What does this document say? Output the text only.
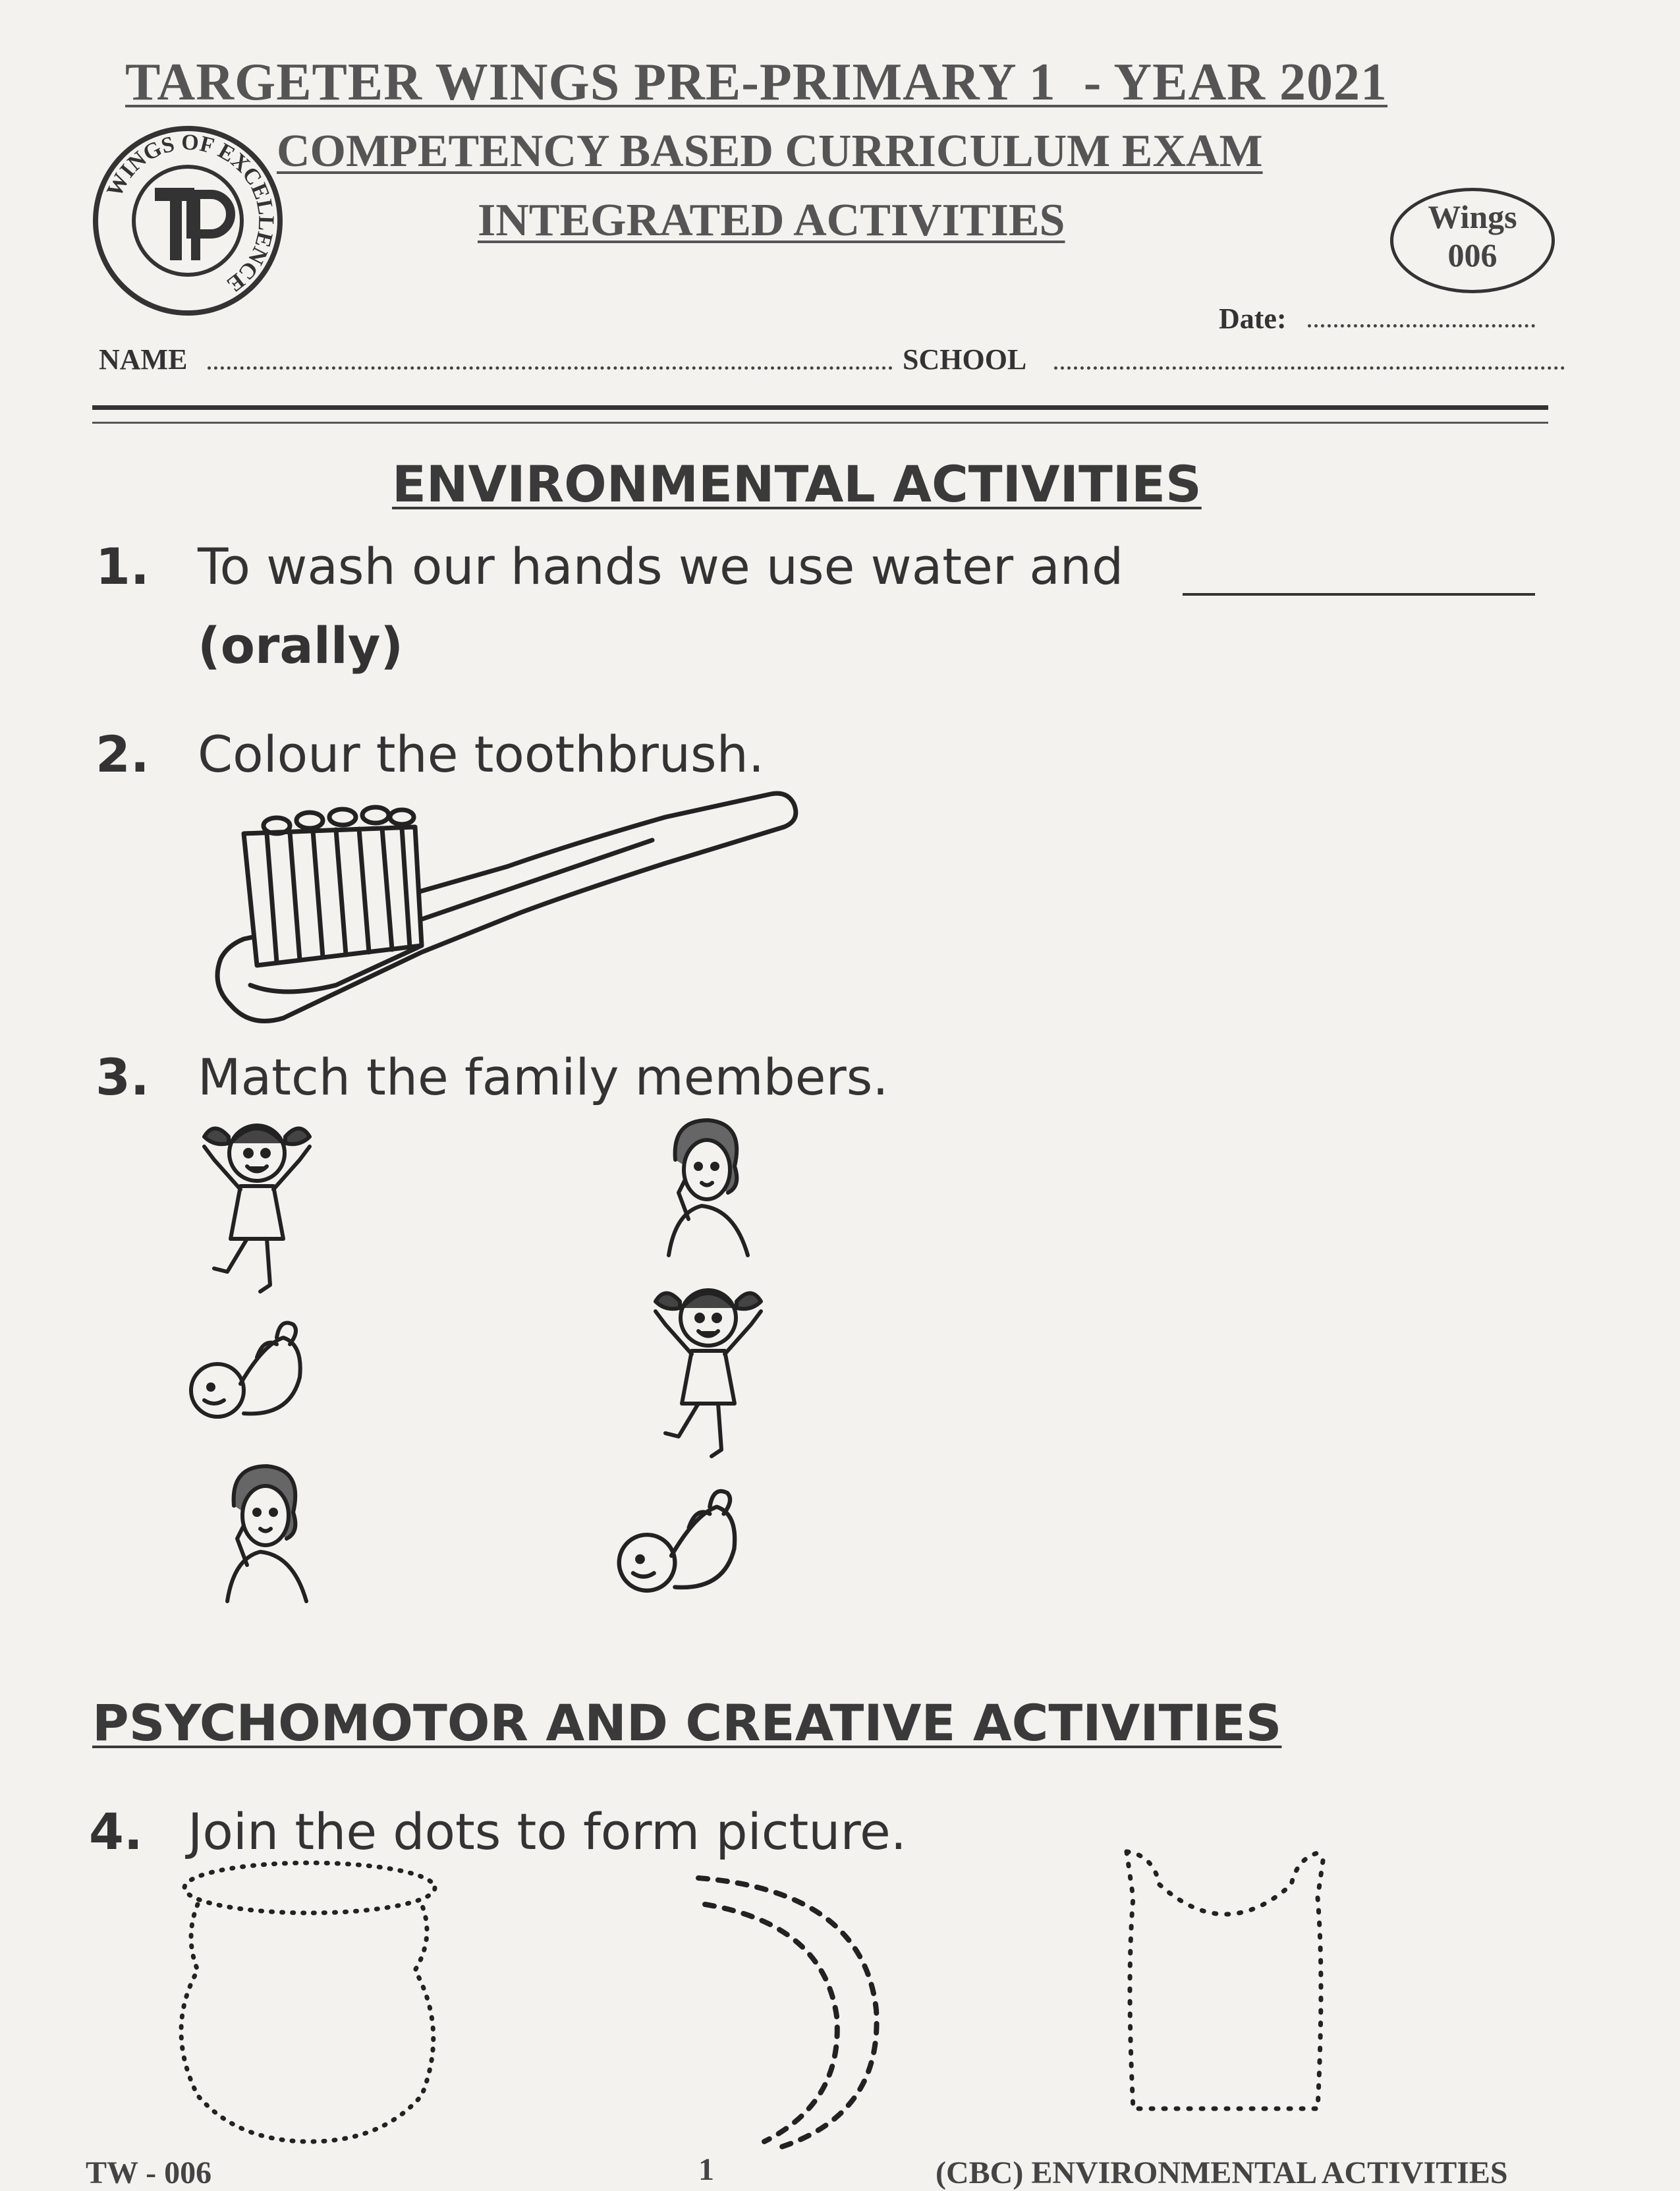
TARGETER WINGS PRE-PRIMARY 1  - YEAR 2021
COMPETENCY BASED CURRICULUM EXAM
INTEGRATED ACTIVITIES
WINGS OF EXCELLENCE
Wings
006
Date:
NAME	SCHOOL
ENVIRONMENTAL ACTIVITIES
1. To wash our hands we use water and
(orally)
2. Colour the toothbrush.
3. Match the family members.
PSYCHOMOTOR AND CREATIVE ACTIVITIES
4. Join the dots to form picture.
TW - 006	1	(CBC) ENVIRONMENTAL ACTIVITIES
